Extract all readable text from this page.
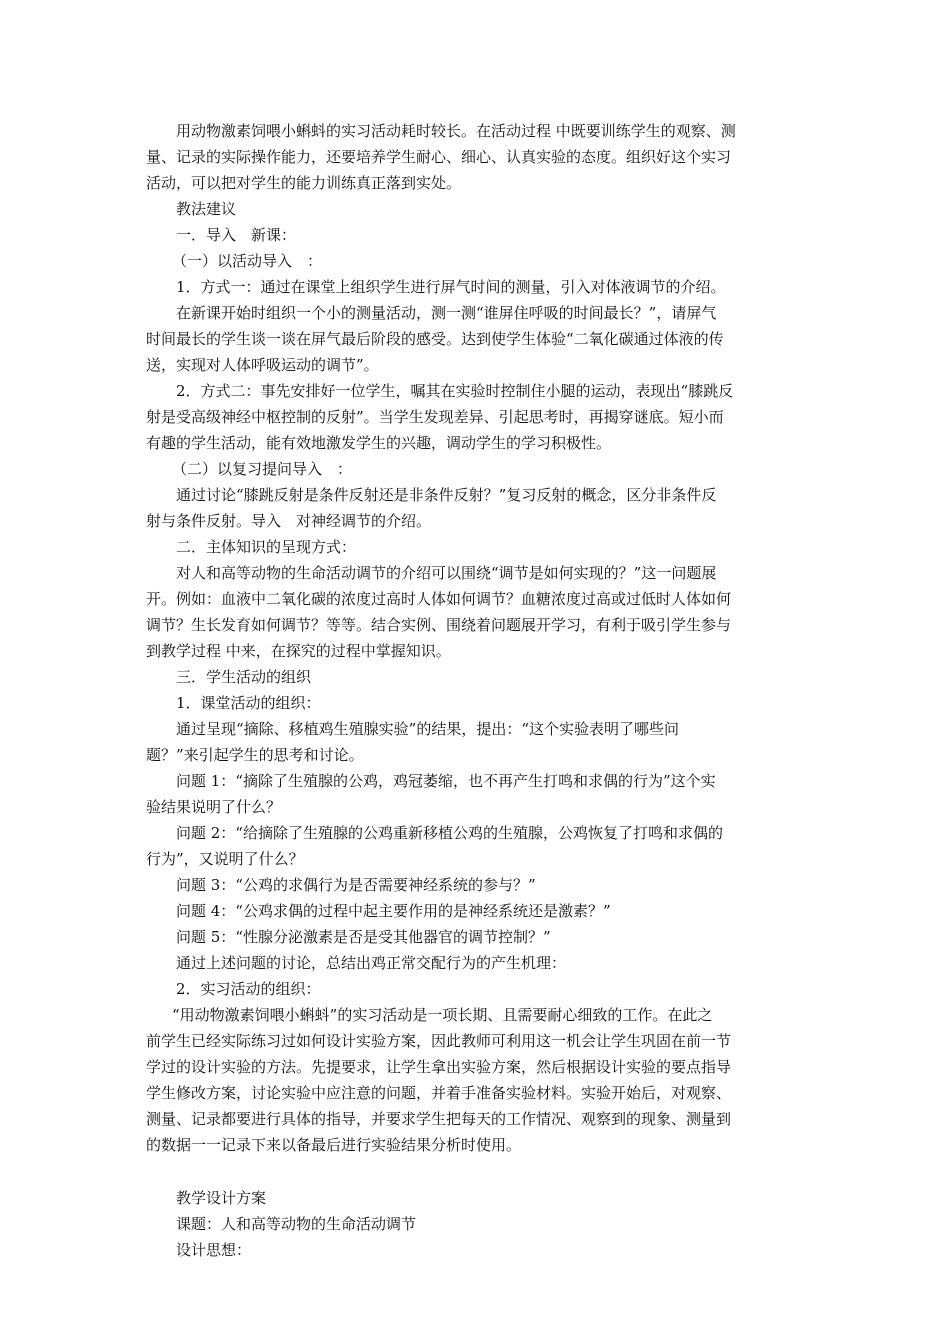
用动物激素饲喂小蝌蚪的实习活动耗时较长。在活动过程 中既要训练学生的观察、测

量、记录的实际操作能力，还要培养学生耐心、细心、认真实验的态度。组织好这个实习

活动，可以把对学生的能力训练真正落到实处。

教法建议

一．导入　新课：

（一）以活动导入　：

1．方式一：通过在课堂上组织学生进行屏气时间的测量，引入对体液调节的介绍。

在新课开始时组织一个小的测量活动，测一测“谁屏住呼吸的时间最长？”，请屏气

时间最长的学生谈一谈在屏气最后阶段的感受。达到使学生体验“二氧化碳通过体液的传

送，实现对人体呼吸运动的调节”。

2．方式二：事先安排好一位学生，嘱其在实验时控制住小腿的运动，表现出“膝跳反

射是受高级神经中枢控制的反射”。当学生发现差异、引起思考时，再揭穿谜底。短小而

有趣的学生活动，能有效地激发学生的兴趣，调动学生的学习积极性。

（二）以复习提问导入　：

通过讨论“膝跳反射是条件反射还是非条件反射？”复习反射的概念，区分非条件反

射与条件反射。导入　对神经调节的介绍。

二．主体知识的呈现方式：

对人和高等动物的生命活动调节的介绍可以围绕“调节是如何实现的？”这一问题展

开。例如：血液中二氧化碳的浓度过高时人体如何调节？血糖浓度过高或过低时人体如何

调节？生长发育如何调节？等等。结合实例、围绕着问题展开学习，有利于吸引学生参与

到教学过程 中来，在探究的过程中掌握知识。

三．学生活动的组织

1．课堂活动的组织：

通过呈现“摘除、移植鸡生殖腺实验”的结果，提出：“这个实验表明了哪些问

题？”来引起学生的思考和讨论。

问题 1：“摘除了生殖腺的公鸡，鸡冠萎缩，也不再产生打鸣和求偶的行为”这个实

验结果说明了什么？

问题 2：“给摘除了生殖腺的公鸡重新移植公鸡的生殖腺，公鸡恢复了打鸣和求偶的

行为”，又说明了什么？

问题 3：“公鸡的求偶行为是否需要神经系统的参与？”

问题 4：“公鸡求偶的过程中起主要作用的是神经系统还是激素？”

问题 5：“性腺分泌激素是否是受其他器官的调节控制？”

通过上述问题的讨论，总结出鸡正常交配行为的产生机理：

2．实习活动的组织：

“用动物激素饲喂小蝌蚪”的实习活动是一项长期、且需要耐心细致的工作。在此之

前学生已经实际练习过如何设计实验方案，因此教师可利用这一机会让学生巩固在前一节

学过的设计实验的方法。先提要求，让学生拿出实验方案，然后根据设计实验的要点指导

学生修改方案，讨论实验中应注意的问题，并着手准备实验材料。实验开始后，对观察、

测量、记录都要进行具体的指导，并要求学生把每天的工作情况、观察到的现象、测量到

的数据一一记录下来以备最后进行实验结果分析时使用。

教学设计方案

课题：人和高等动物的生命活动调节

设计思想：
